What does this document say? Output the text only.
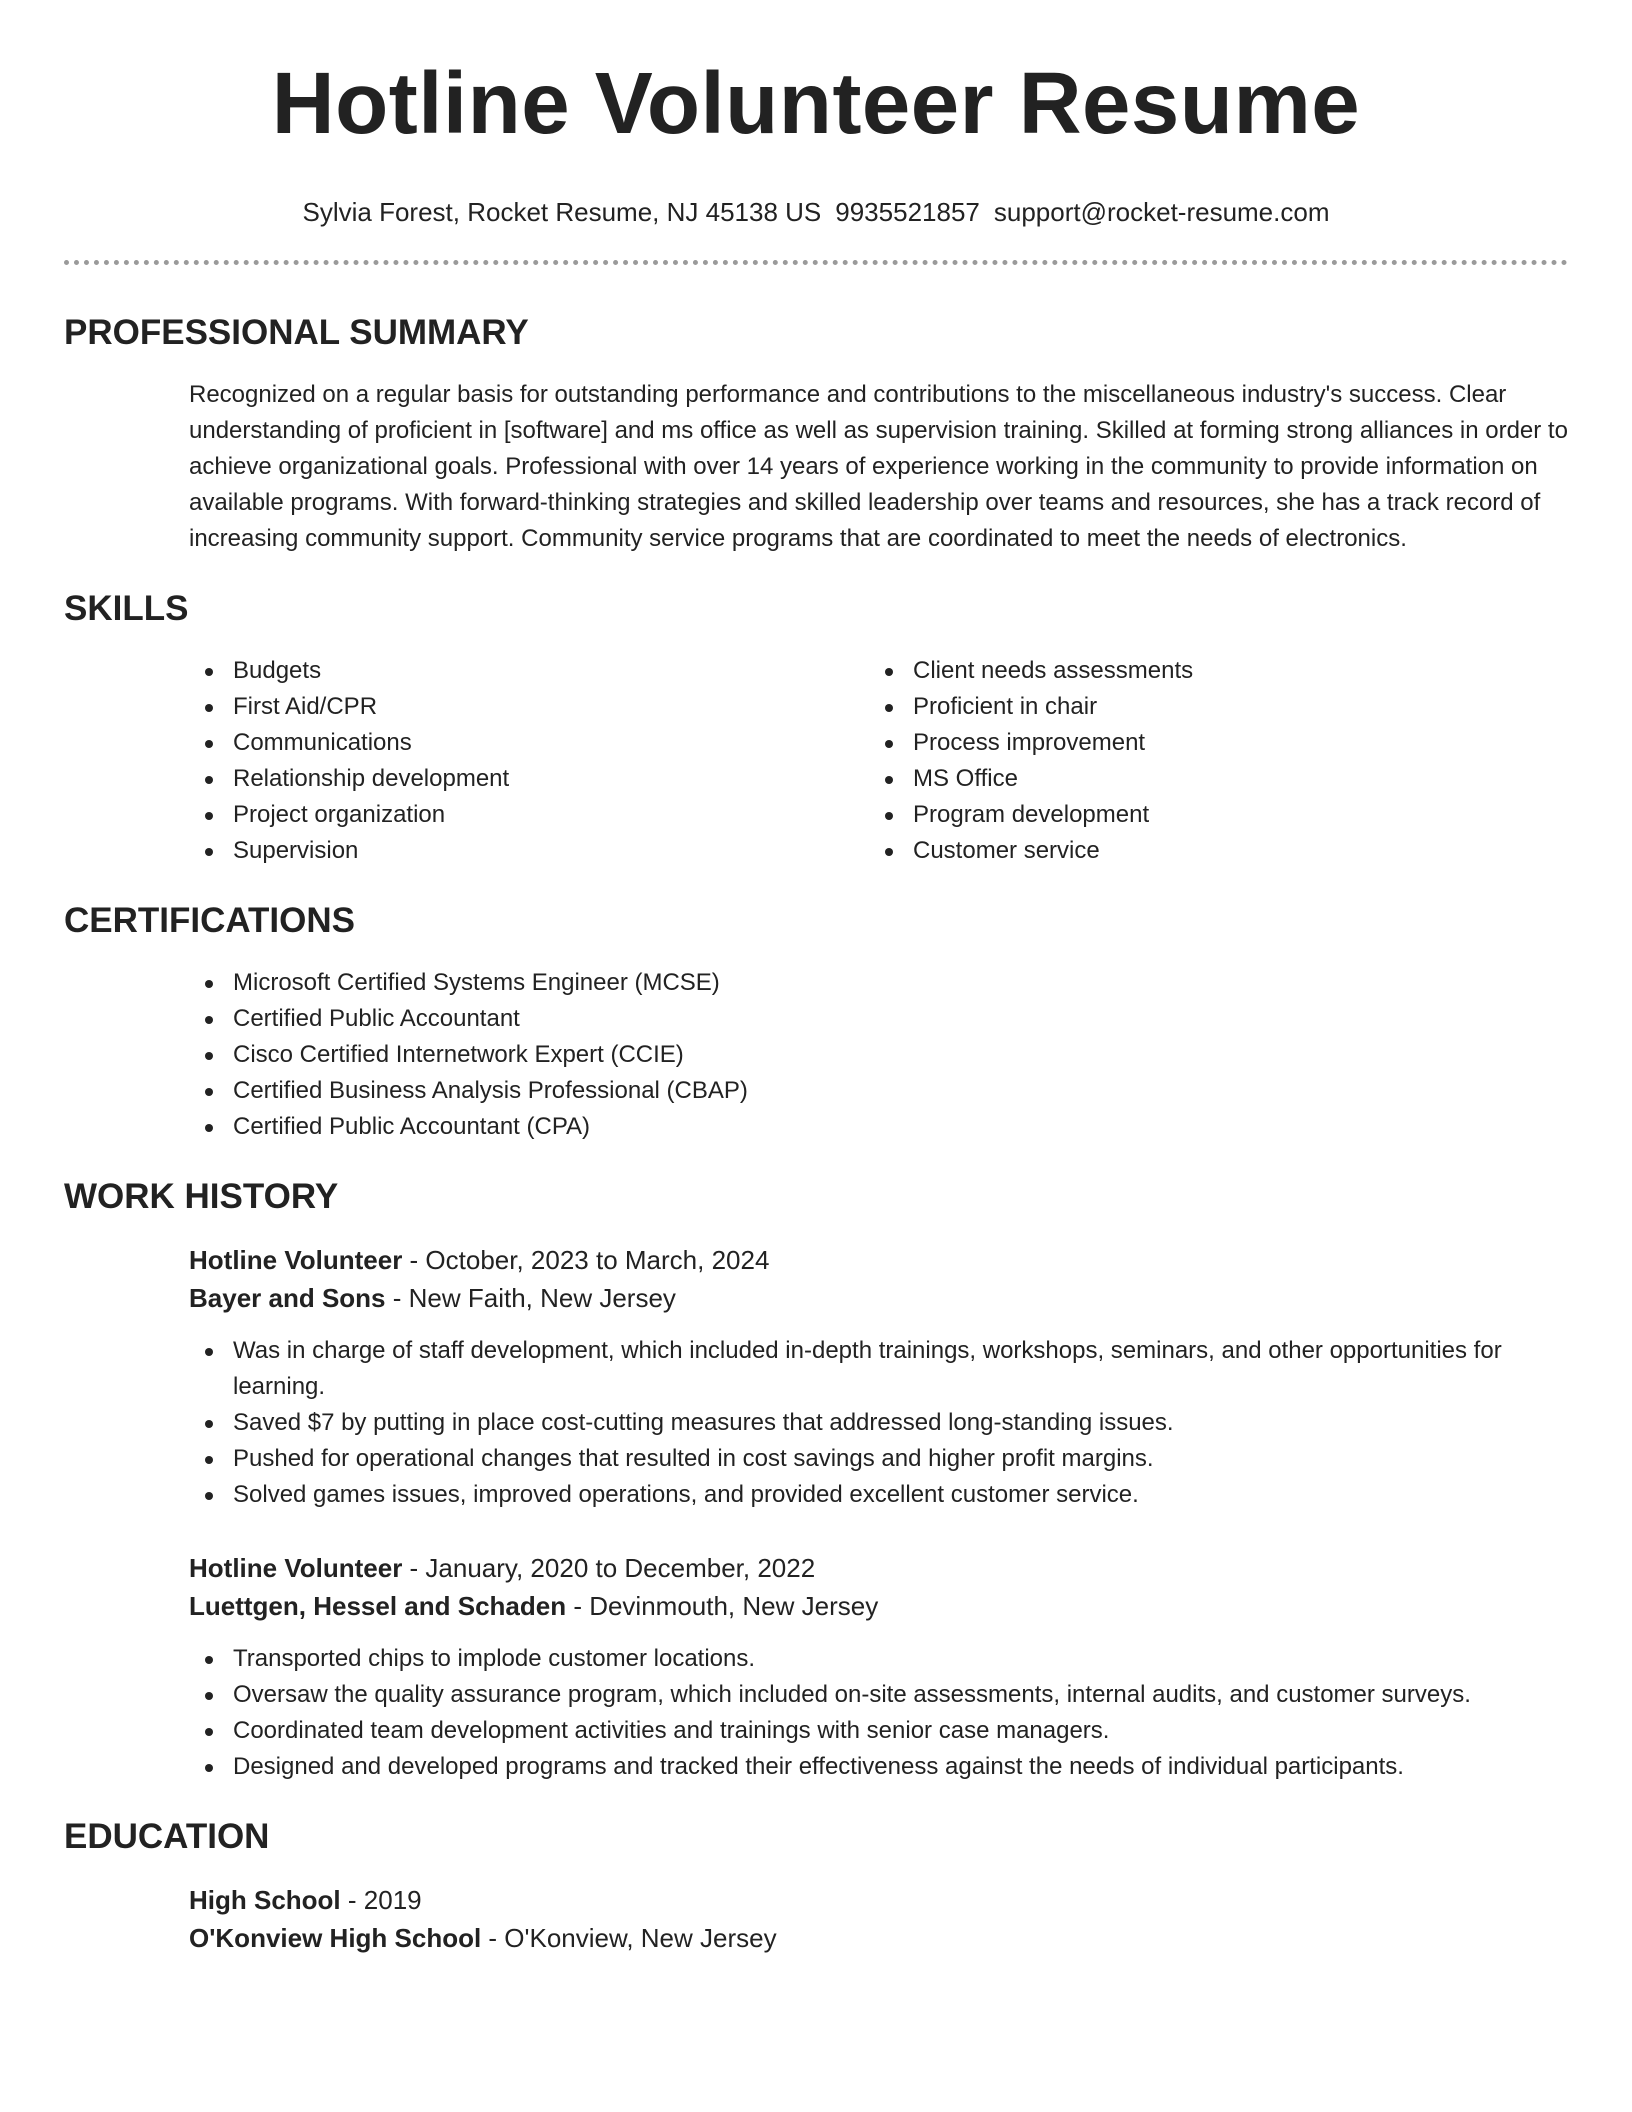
Hotline Volunteer Resume
Sylvia Forest, Rocket Resume, NJ 45138 US 9935521857 support@rocket-resume.com
PROFESSIONAL SUMMARY

Recognized on a regular basis for outstanding performance and contributions to the miscellaneous industry's success. Clear understanding of proficient in [software] and ms office as well as supervision training. Skilled at forming strong alliances in order to achieve organizational goals. Professional with over 14 years of experience working in the community to provide information on available programs. With forward-thinking strategies and skilled leadership over teams and resources, she has a track record of increasing community support. Community service programs that are coordinated to meet the needs of electronics.

SKILLS
Budgets
First Aid/CPR
Communications
Relationship development
Project organization
Supervision
Client needs assessments
Proficient in chair
Process improvement
MS Office
Program development
Customer service
CERTIFICATIONS
Microsoft Certified Systems Engineer (MCSE)
Certified Public Accountant
Cisco Certified Internetwork Expert (CCIE)
Certified Business Analysis Professional (CBAP)
Certified Public Accountant (CPA)
WORK HISTORY
Hotline Volunteer - October, 2023 to March, 2024
Bayer and Sons - New Faith, New Jersey
Was in charge of staff development, which included in-depth trainings, workshops, seminars, and other opportunities for learning.
Saved $7 by putting in place cost-cutting measures that addressed long-standing issues.
Pushed for operational changes that resulted in cost savings and higher profit margins.
Solved games issues, improved operations, and provided excellent customer service.
Hotline Volunteer - January, 2020 to December, 2022
Luettgen, Hessel and Schaden - Devinmouth, New Jersey
Transported chips to implode customer locations.
Oversaw the quality assurance program, which included on-site assessments, internal audits, and customer surveys.
Coordinated team development activities and trainings with senior case managers.
Designed and developed programs and tracked their effectiveness against the needs of individual participants.
EDUCATION
High School - 2019
O'Konview High School - O'Konview, New Jersey
